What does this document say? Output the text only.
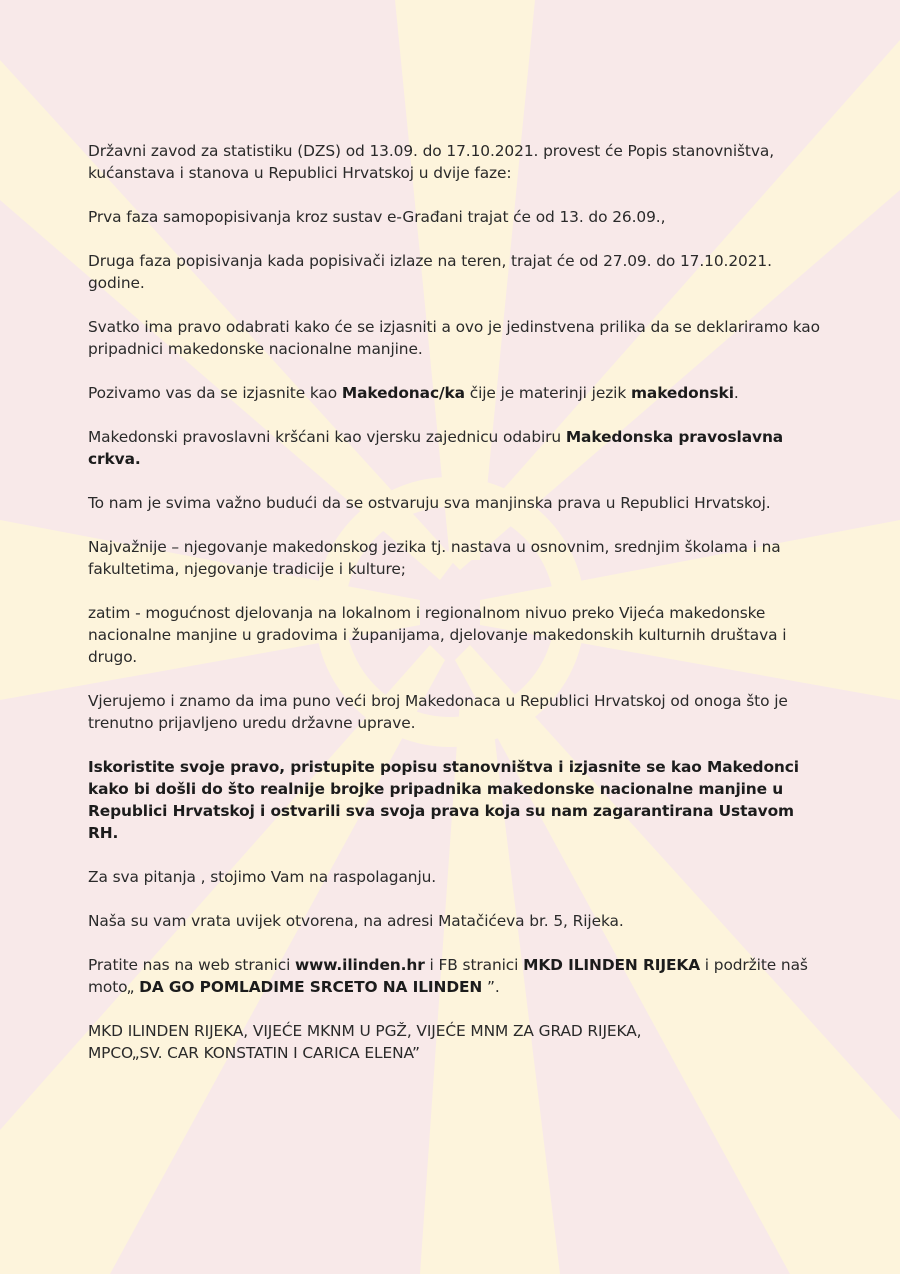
Državni zavod za statistiku (DZS) od 13.09. do 17.10.2021. provest će Popis stanovništva, kućanstava i stanova u Republici Hrvatskoj u dvije faze:

Prva faza samopopisivanja kroz sustav e-Građani trajat će od 13. do 26.09.,

Druga faza popisivanja kada popisivači izlaze na teren, trajat će od 27.09. do 17.10.2021. godine.

Svatko ima pravo odabrati kako će se izjasniti a ovo je jedinstvena prilika da se deklariramo kao pripadnici makedonske nacionalne manjine.

Pozivamo vas da se izjasnite kao Makedonac/ka čije je materinji jezik makedonski.

Makedonski pravoslavni kršćani kao vjersku zajednicu odabiru Makedonska pravoslavna crkva.

To nam je svima važno budući da se ostvaruju sva manjinska prava u Republici Hrvatskoj.

Najvažnije – njegovanje makedonskog jezika tj. nastava u osnovnim, srednjim školama i na fakultetima, njegovanje tradicije i kulture;

zatim - mogućnost djelovanja na lokalnom i regionalnom nivuo preko Vijeća makedonske nacionalne manjine u gradovima i županijama, djelovanje makedonskih kulturnih društava i drugo.

Vjerujemo i znamo da ima puno veći broj Makedonaca u Republici Hrvatskoj od onoga što je trenutno prijavljeno uredu državne uprave.

Iskoristite svoje pravo, pristupite popisu stanovništva i izjasnite se kao Makedonci kako bi došli do što realnije brojke pripadnika makedonske nacionalne manjine u Republici Hrvatskoj i ostvarili sva svoja prava koja su nam zagarantirana Ustavom RH.

Za sva pitanja , stojimo Vam na raspolaganju.

Naša su vam vrata uvijek otvorena, na adresi Matačićeva br. 5, Rijeka.

Pratite nas na web stranici www.ilinden.hr i FB stranici MKD ILINDEN RIJEKA i podržite naš moto„ DA GO POMLADIME SRCETO NA ILINDEN ”.

MKD ILINDEN RIJEKA, VIJEĆE MKNM U PGŽ, VIJEĆE MNM ZA GRAD RIJEKA,
MPCO„SV. CAR KONSTATIN I CARICA ELENA”
